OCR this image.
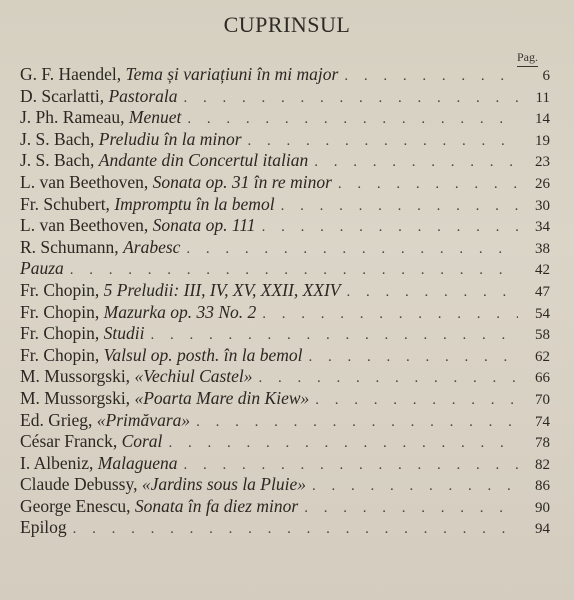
CUPRINSUL
Pag.
G. F. Haendel, Tema și variațiuni în mi major . . .	6
D. Scarlatti, Pastorala . . .	11
J. Ph. Rameau, Menuet . . .	14
J. S. Bach, Preludiu în la minor . . .	19
J. S. Bach, Andante din Concertul italian . . .	23
L. van Beethoven, Sonata op. 31 în re minor . . .	26
Fr. Schubert, Impromptu în la bemol . . .	30
L. van Beethoven, Sonata op. 111 . . .	34
R. Schumann, Arabesc . . .	38
Pauza . . .	42
Fr. Chopin, 5 Preludii: III, IV, XV, XXII, XXIV . . .	47
Fr. Chopin, Mazurka op. 33 No. 2 . . .	54
Fr. Chopin, Studii . . .	58
Fr. Chopin, Valsul op. posth. în la bemol . . .	62
M. Mussorgski, «Vechiul Castel» . . .	66
M. Mussorgski, «Poarta Mare din Kiew» . . .	70
Ed. Grieg, «Primăvara» . . .	74
César Franck, Coral . . .	78
I. Albeniz, Malaguena . . .	82
Claude Debussy, «Jardins sous la Pluie» . . .	86
George Enescu, Sonata în fa diez minor . . .	90
Epilog . . .	94
